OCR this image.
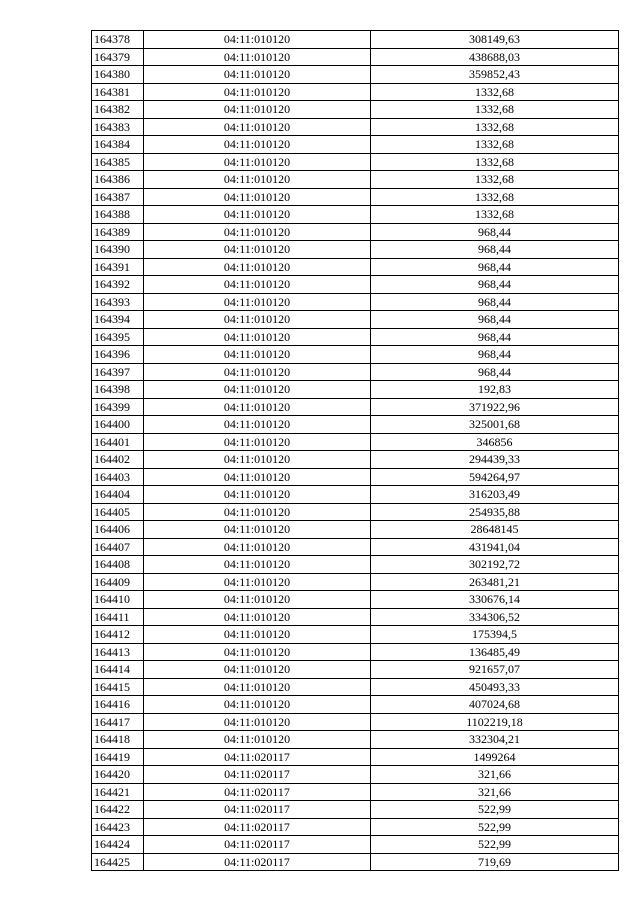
164378	04:11:010120	308149,63
164379	04:11:010120	438688,03
164380	04:11:010120	359852,43
164381	04:11:010120	1332,68
164382	04:11:010120	1332,68
164383	04:11:010120	1332,68
164384	04:11:010120	1332,68
164385	04:11:010120	1332,68
164386	04:11:010120	1332,68
164387	04:11:010120	1332,68
164388	04:11:010120	1332,68
164389	04:11:010120	968,44
164390	04:11:010120	968,44
164391	04:11:010120	968,44
164392	04:11:010120	968,44
164393	04:11:010120	968,44
164394	04:11:010120	968,44
164395	04:11:010120	968,44
164396	04:11:010120	968,44
164397	04:11:010120	968,44
164398	04:11:010120	192,83
164399	04:11:010120	371922,96
164400	04:11:010120	325001,68
164401	04:11:010120	346856
164402	04:11:010120	294439,33
164403	04:11:010120	594264,97
164404	04:11:010120	316203,49
164405	04:11:010120	254935,88
164406	04:11:010120	28648145
164407	04:11:010120	431941,04
164408	04:11:010120	302192,72
164409	04:11:010120	263481,21
164410	04:11:010120	330676,14
164411	04:11:010120	334306,52
164412	04:11:010120	175394,5
164413	04:11:010120	136485,49
164414	04:11:010120	921657,07
164415	04:11:010120	450493,33
164416	04:11:010120	407024,68
164417	04:11:010120	1102219,18
164418	04:11:010120	332304,21
164419	04:11:020117	1499264
164420	04:11:020117	321,66
164421	04:11:020117	321,66
164422	04:11:020117	522,99
164423	04:11:020117	522,99
164424	04:11:020117	522,99
164425	04:11:020117	719,69
